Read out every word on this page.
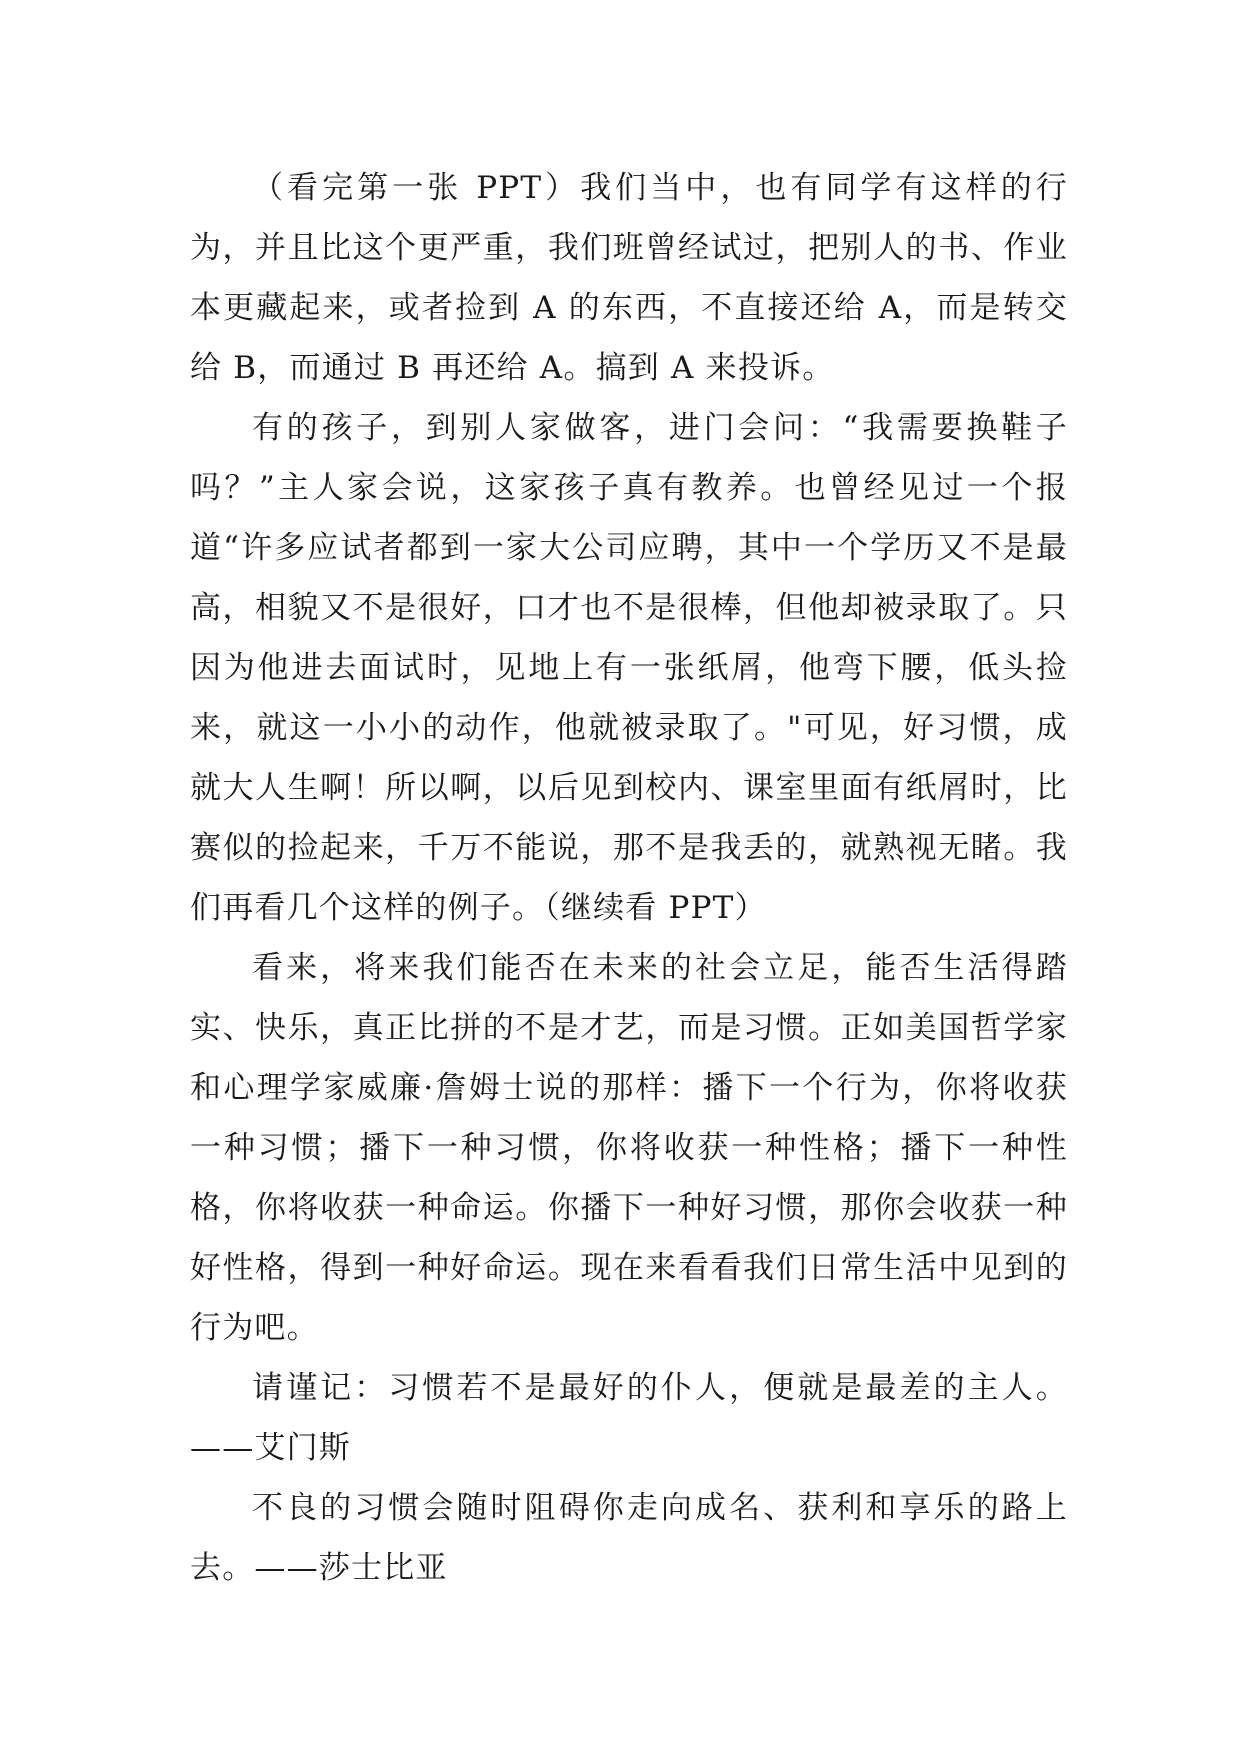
（看完第一张 PPT）我们当中，也有同学有这样的行为，并且比这个更严重，我们班曾经试过，把别人的书、作业本更藏起来，或者捡到 A 的东西，不直接还给 A，而是转交给 B，而通过 B 再还给 A。搞到 A 来投诉。

有的孩子，到别人家做客，进门会问：“我需要换鞋子吗？”主人家会说，这家孩子真有教养。也曾经见过一个报道“许多应试者都到一家大公司应聘，其中一个学历又不是最高，相貌又不是很好，口才也不是很棒，但他却被录取了。只因为他进去面试时，见地上有一张纸屑，他弯下腰，低头捡来，就这一小小的动作，他就被录取了。"可见，好习惯，成就大人生啊！所以啊，以后见到校内、课室里面有纸屑时，比赛似的捡起来，千万不能说，那不是我丢的，就熟视无睹。我们再看几个这样的例子。（继续看 PPT）

看来，将来我们能否在未来的社会立足，能否生活得踏实、快乐，真正比拼的不是才艺，而是习惯。正如美国哲学家和心理学家威廉·詹姆士说的那样：播下一个行为，你将收获一种习惯；播下一种习惯，你将收获一种性格；播下一种性格，你将收获一种命运。你播下一种好习惯，那你会收获一种好性格，得到一种好命运。现在来看看我们日常生活中见到的行为吧。

请谨记：习惯若不是最好的仆人，便就是最差的主人。——艾门斯

不良的习惯会随时阻碍你走向成名、获利和享乐的路上去。——莎士比亚
